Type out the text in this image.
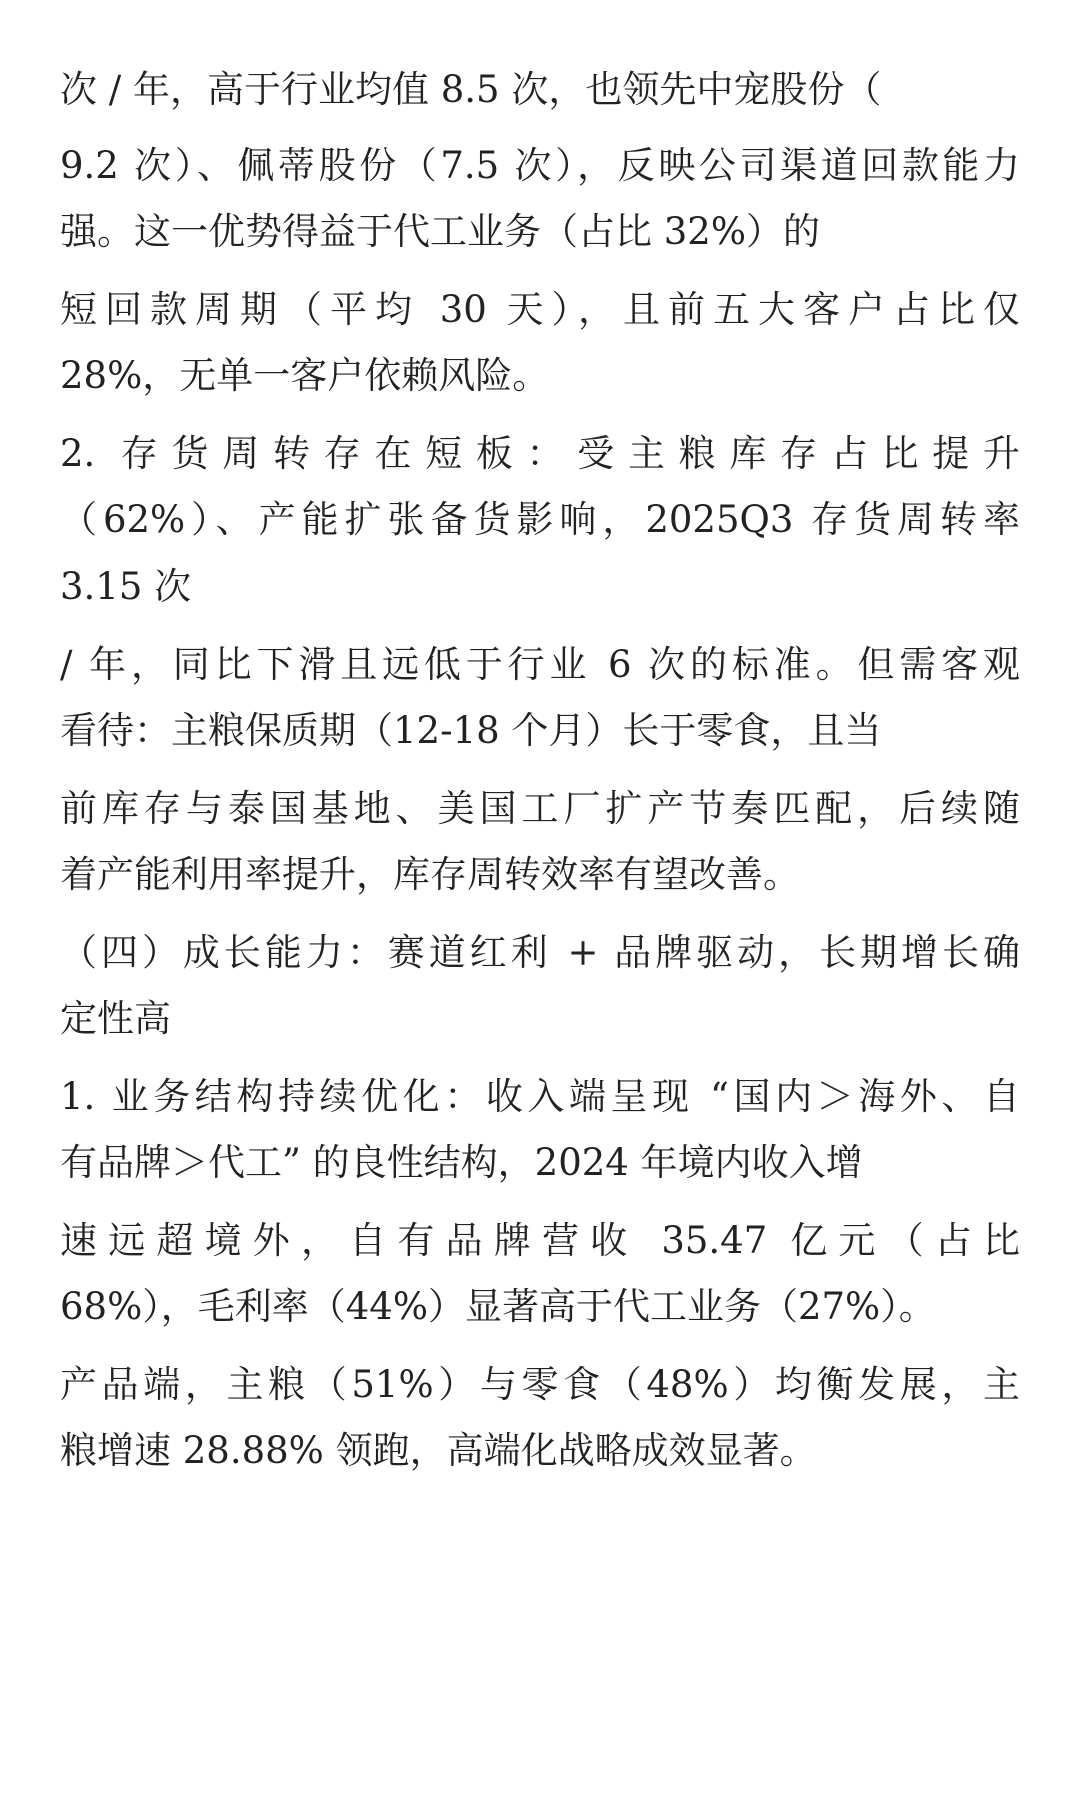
次 / 年，高于行业均值 8.5 次，也领先中宠股份（
9.2 次）、佩蒂股份（7.5 次），反映公司渠道回款能力
强。这一优势得益于代工业务（占比 32%）的
短回款周期（平均 30 天），且前五大客户占比仅
28%，无单一客户依赖风险。
2. 存货周转存在短板：受主粮库存占比提升
（62%）、产能扩张备货影响，2025Q3 存货周转率
3.15 次
/ 年，同比下滑且远低于行业 6 次的标准。但需客观
看待：主粮保质期（12-18 个月）长于零食，且当
前库存与泰国基地、美国工厂扩产节奏匹配，后续随
着产能利用率提升，库存周转效率有望改善。
（四）成长能力：赛道红利 + 品牌驱动，长期增长确
定性高
1. 业务结构持续优化：收入端呈现 “国内＞海外、自
有品牌＞代工” 的良性结构，2024 年境内收入增
速远超境外，自有品牌营收 35.47 亿元（占比
68%），毛利率（44%）显著高于代工业务（27%）。
产品端，主粮（51%）与零食（48%）均衡发展，主
粮增速 28.88% 领跑，高端化战略成效显著。
